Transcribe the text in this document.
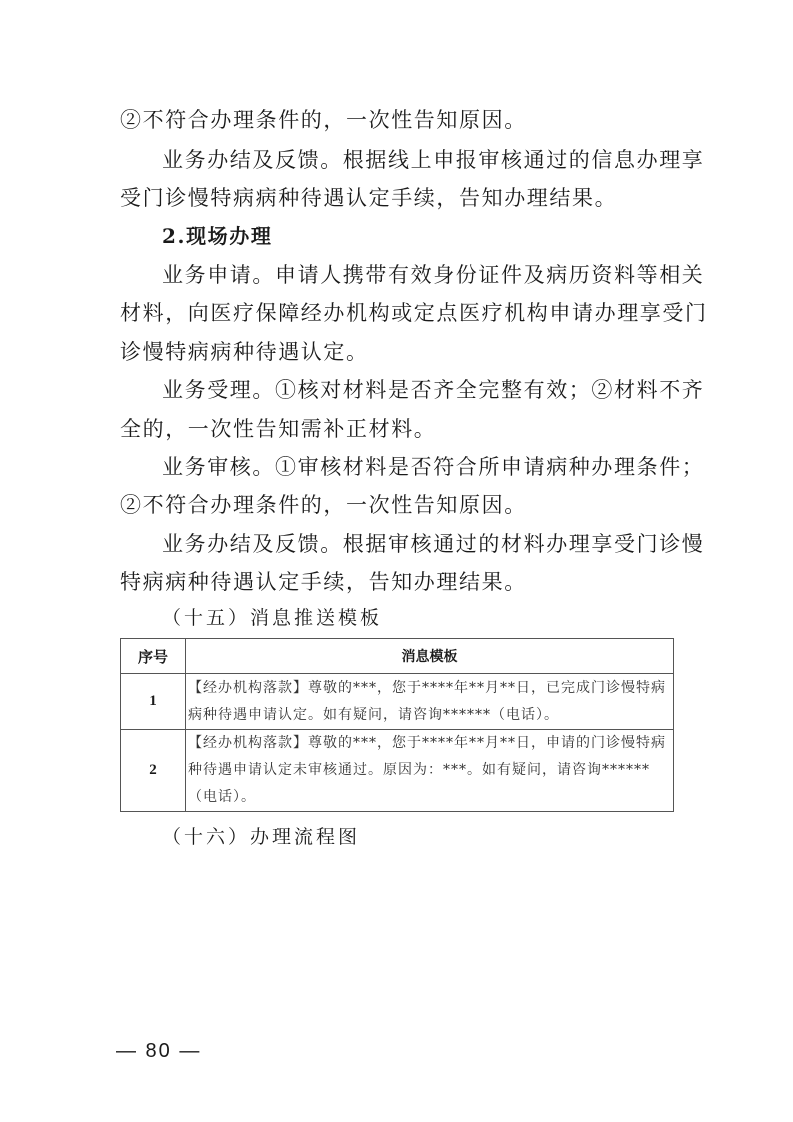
②不符合办理条件的，一次性告知原因。
业务办结及反馈。根据线上申报审核通过的信息办理享
受门诊慢特病病种待遇认定手续，告知办理结果。
2.现场办理
业务申请。申请人携带有效身份证件及病历资料等相关
材料，向医疗保障经办机构或定点医疗机构申请办理享受门
诊慢特病病种待遇认定。
业务受理。①核对材料是否齐全完整有效；②材料不齐
全的，一次性告知需补正材料。
业务审核。①审核材料是否符合所申请病种办理条件；
②不符合办理条件的，一次性告知原因。
业务办结及反馈。根据审核通过的材料办理享受门诊慢
特病病种待遇认定手续，告知办理结果。
（十五）消息推送模板
序号	消息模板
1	【经办机构落款】尊敬的***，您于****年**月**日，已完成门诊慢特病病种待遇申请认定。如有疑问，请咨询******（电话）。
2	【经办机构落款】尊敬的***，您于****年**月**日，申请的门诊慢特病种待遇申请认定未审核通过。原因为：***。如有疑问，请咨询******（电话）。
（十六）办理流程图
— 80 —
